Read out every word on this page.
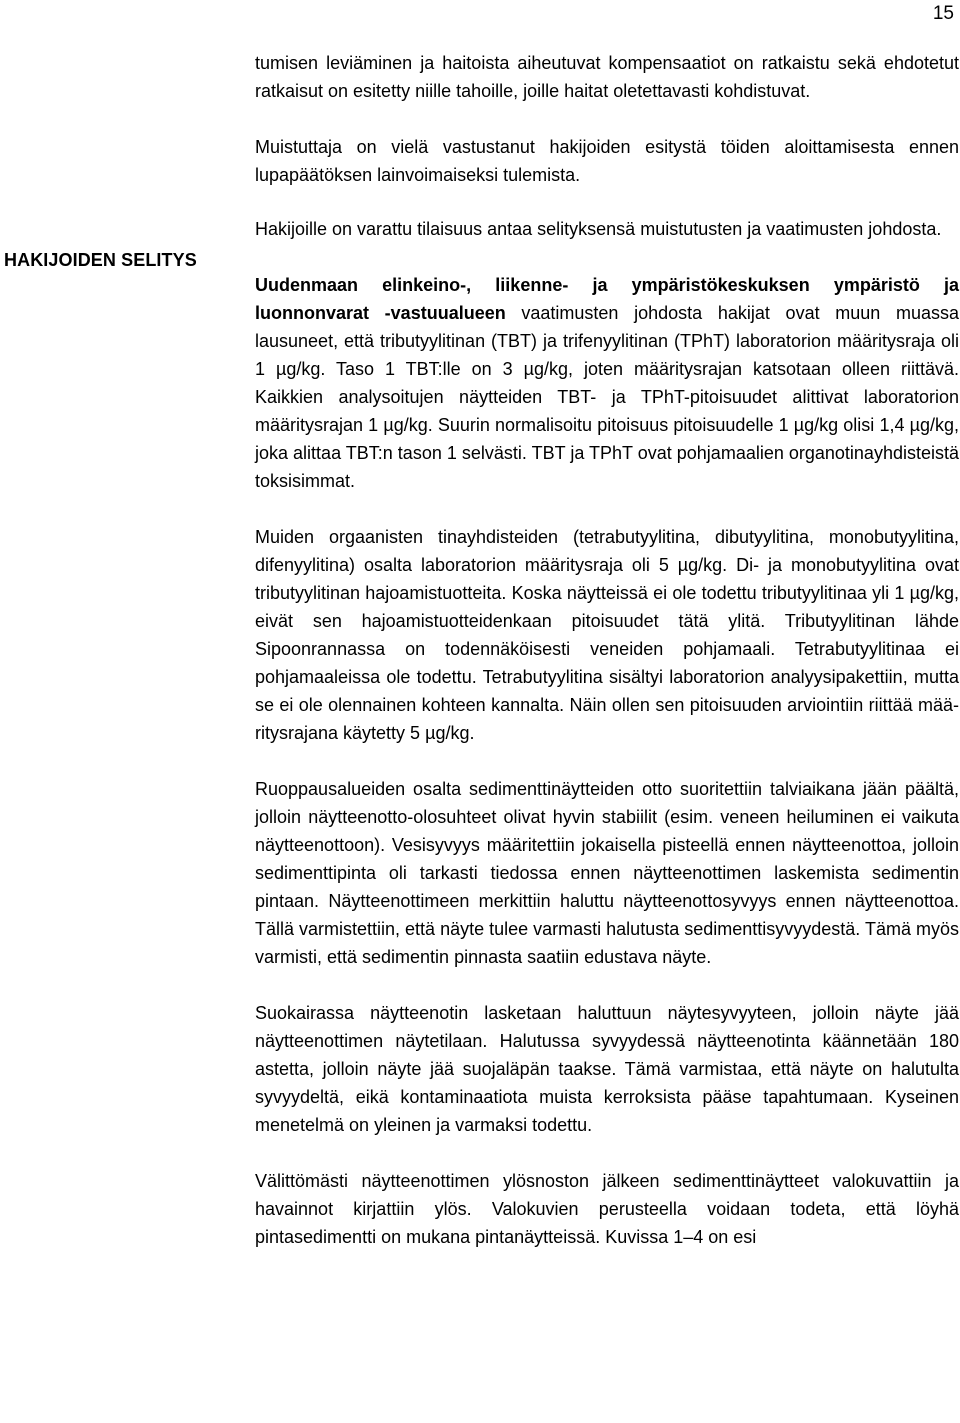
15
HAKIJOIDEN SELITYS

tumisen leviäminen ja haitoista aiheutuvat kompensaatiot on ratkaistu sekä ehdotetut ratkaisut on esitetty niille tahoille, joille haitat oletettavasti kohdistuvat.

Muistuttaja on vielä vastustanut hakijoiden esitystä töiden aloittamisesta ennen lupapäätöksen lainvoimaiseksi tulemista.

Hakijoille on varattu tilaisuus antaa selityksensä muistutusten ja vaatimusten johdosta.

Uudenmaan elinkeino-, liikenne- ja ympäristökeskuksen ympäristö ja luonnonvarat -vastuualueen vaatimusten johdosta hakijat ovat muun muassa lausuneet, että tributyylitinan (TBT) ja trifenyylitinan (TPhT) laboratorion määritysraja oli 1 µg/kg. Taso 1 TBT:lle on 3 µg/kg, joten määritysrajan katsotaan olleen riittävä. Kaikkien analysoitujen näytteiden TBT- ja TPhT-pitoisuudet alittivat laboratorion määritysrajan 1 µg/kg. Suurin normalisoitu pitoisuus pitoisuudelle 1 µg/kg olisi 1,4 µg/kg, joka alittaa TBT:n tason 1 selvästi. TBT ja TPhT ovat pohjamaalien organotinayhdisteistä toksisimmat.

Muiden orgaanisten tinayhdisteiden (tetrabutyylitina, dibutyylitina, monobutyylitina, difenyylitina) osalta laboratorion määritysraja oli 5 µg/kg. Di- ja monobutyylitina ovat tributyylitinan hajoamistuotteita. Koska näytteissä ei ole todettu tributyylitinaa yli 1 µg/kg, eivät sen hajoamistuotteidenkaan pitoisuudet tätä ylitä. Tributyylitinan lähde Sipoonrannassa on todennäköisesti veneiden pohjamaali. Tetrabutyylitinaa ei pohjamaaleissa ole todettu. Tetrabutyylitina sisältyi laboratorion analyysipakettiin, mutta se ei ole olennainen kohteen kannalta. Näin ollen sen pitoisuuden arviointiin riittää määritysrajana käytetty 5 µg/kg.

Ruoppausalueiden osalta sedimenttinäytteiden otto suoritettiin talviaikana jään päältä, jolloin näytteenotto-olosuhteet olivat hyvin stabiilit (esim. veneen heiluminen ei vaikuta näytteenottoon). Vesisyvyys määritettiin jokaisella pisteellä ennen näytteenottoa, jolloin sedimenttipinta oli tarkasti tiedossa ennen näytteenottimen laskemista sedimentin pintaan. Näytteenottimeen merkittiin haluttu näytteenottosyvyys ennen näytteenottoa. Tällä varmistettiin, että näyte tulee varmasti halutusta sedimenttisyvyydestä. Tämä myös varmisti, että sedimentin pinnasta saatiin edustava näyte.

Suokairassa näytteenotin lasketaan haluttuun näytesyvyyteen, jolloin näyte jää näytteenottimen näytetilaan. Halutussa syvyydessä näytteenotinta käännetään 180 astetta, jolloin näyte jää suojaläpän taakse. Tämä varmistaa, että näyte on halutulta syvyydeltä, eikä kontaminaatiota muista kerroksista pääse tapahtumaan. Kyseinen menetelmä on yleinen ja varmaksi todettu.

Välittömästi näytteenottimen ylösnoston jälkeen sedimenttinäytteet valokuvattiin ja havainnot kirjattiin ylös. Valokuvien perusteella voidaan todeta, että löyhä pintasedimentti on mukana pintanäytteissä. Kuvissa 1–4 on esi
